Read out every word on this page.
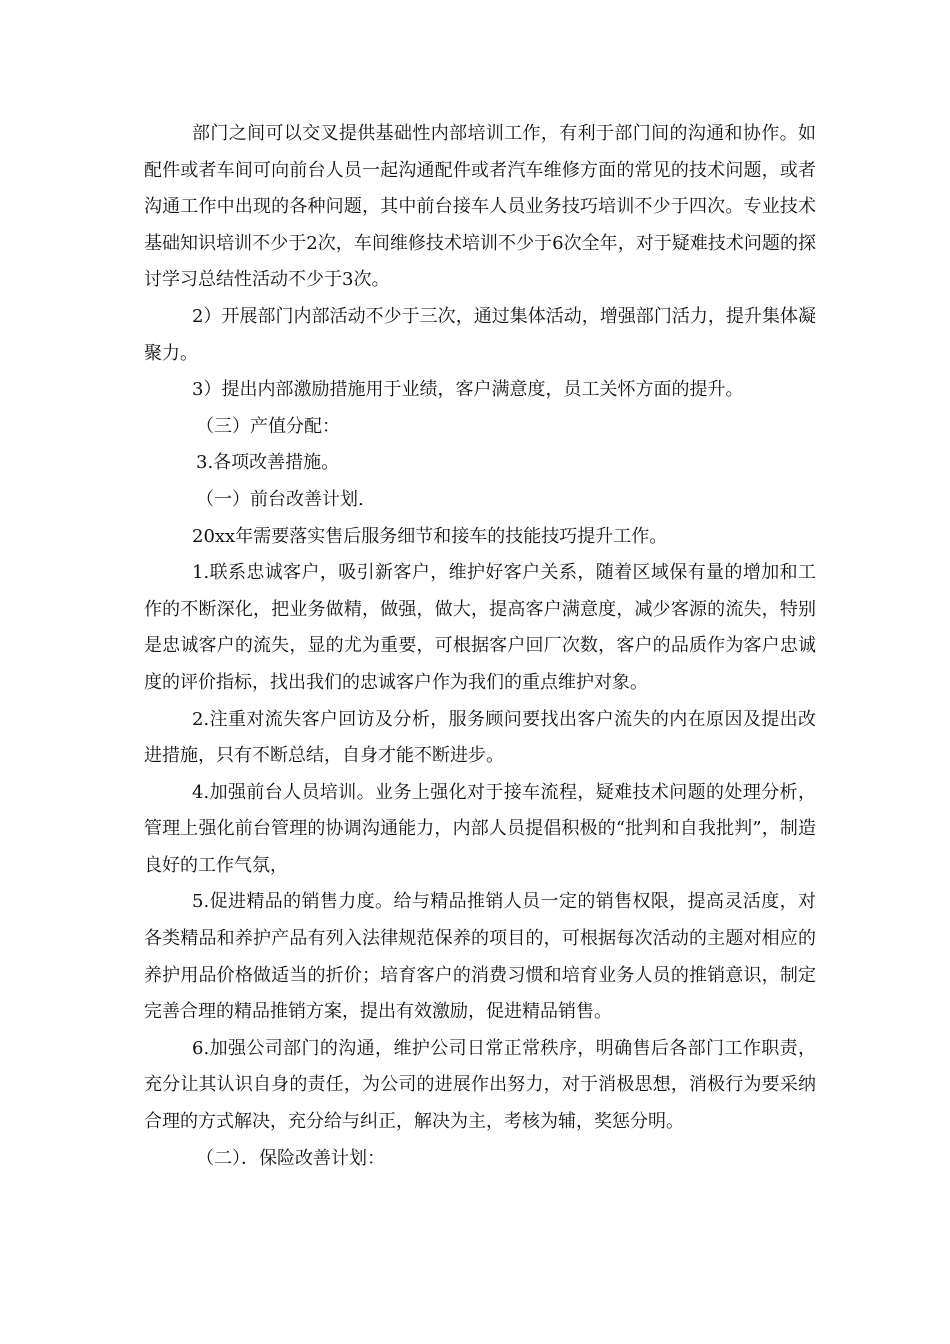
部门之间可以交叉提供基础性内部培训工作，有利于部门间的沟通和协作。如配件或者车间可向前台人员一起沟通配件或者汽车维修方面的常见的技术问题，或者沟通工作中出现的各种问题，其中前台接车人员业务技巧培训不少于四次。专业技术基础知识培训不少于2次，车间维修技术培训不少于6次全年，对于疑难技术问题的探讨学习总结性活动不少于3次。

2）开展部门内部活动不少于三次，通过集体活动，增强部门活力，提升集体凝聚力。

3）提出内部激励措施用于业绩，客户满意度，员工关怀方面的提升。

（三）产值分配：

3.各项改善措施。

（一）前台改善计划.

20xx年需要落实售后服务细节和接车的技能技巧提升工作。

1.联系忠诚客户，吸引新客户，维护好客户关系，随着区域保有量的增加和工作的不断深化，把业务做精，做强，做大，提高客户满意度，减少客源的流失，特别是忠诚客户的流失，显的尤为重要，可根据客户回厂次数，客户的品质作为客户忠诚度的评价指标，找出我们的忠诚客户作为我们的重点维护对象。

2.注重对流失客户回访及分析，服务顾问要找出客户流失的内在原因及提出改进措施，只有不断总结，自身才能不断进步。

4.加强前台人员培训。业务上强化对于接车流程，疑难技术问题的处理分析，管理上强化前台管理的协调沟通能力，内部人员提倡积极的“批判和自我批判”，制造良好的工作气氛，

5.促进精品的销售力度。给与精品推销人员一定的销售权限，提高灵活度，对各类精品和养护产品有列入法律规范保养的项目的，可根据每次活动的主题对相应的养护用品价格做适当的折价；培育客户的消费习惯和培育业务人员的推销意识，制定完善合理的精品推销方案，提出有效激励，促进精品销售。

6.加强公司部门的沟通，维护公司日常正常秩序，明确售后各部门工作职责，充分让其认识自身的责任，为公司的进展作出努力，对于消极思想，消极行为要采纳合理的方式解决，充分给与纠正，解决为主，考核为辅，奖惩分明。

（二）．保险改善计划：
